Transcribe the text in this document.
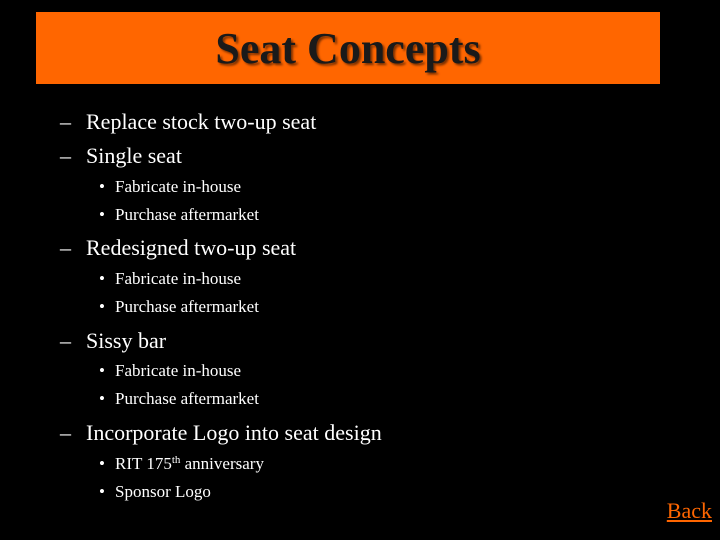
Seat Concepts
– Replace stock two-up seat
– Single seat
• Fabricate in-house
• Purchase aftermarket
– Redesigned two-up seat
• Fabricate in-house
• Purchase aftermarket
– Sissy bar
• Fabricate in-house
• Purchase aftermarket
– Incorporate Logo into seat design
• RIT 175th anniversary
• Sponsor Logo
Back
